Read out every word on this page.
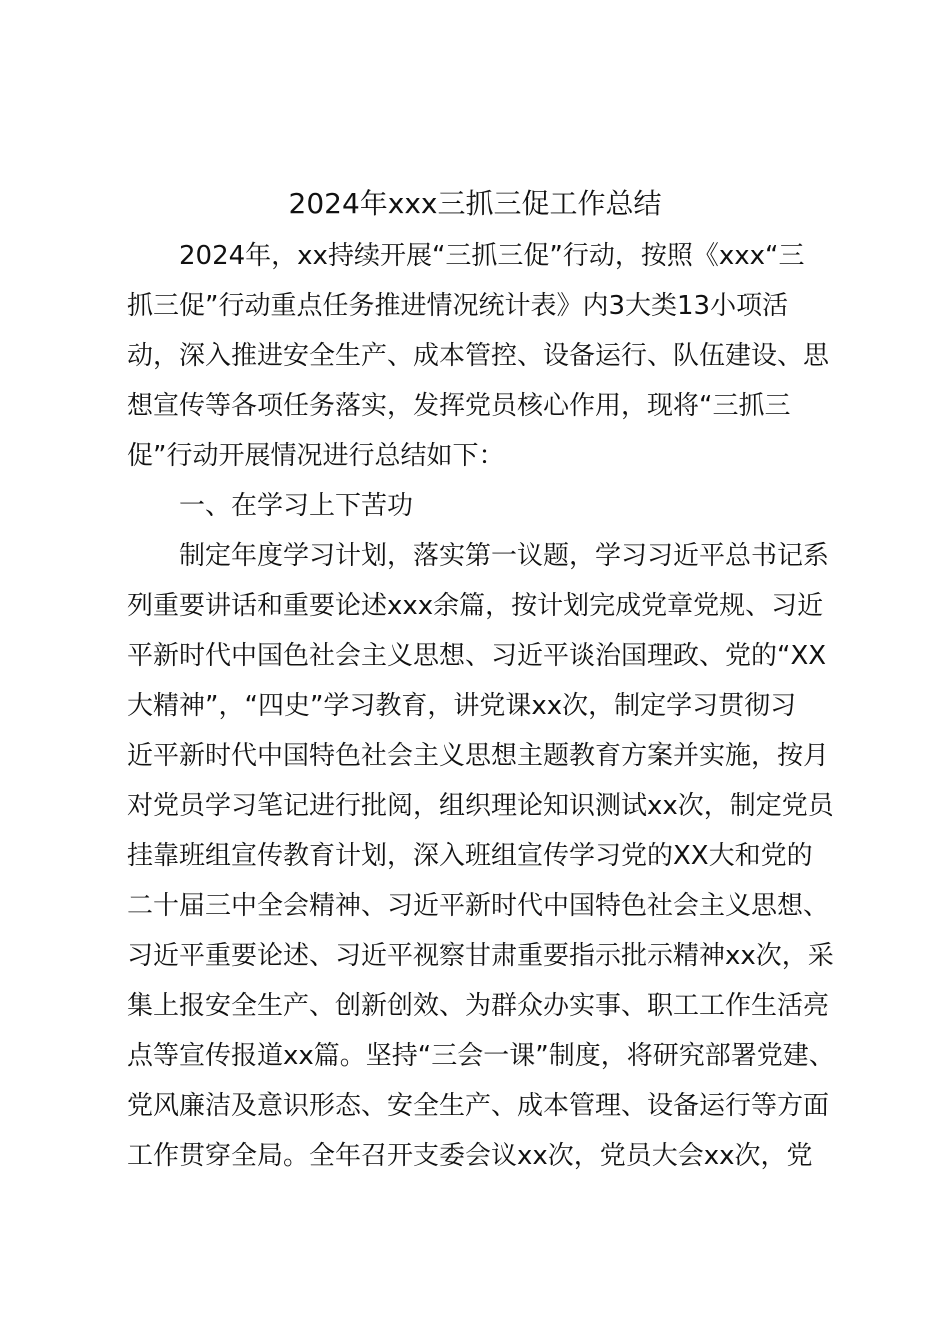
2024年xxx三抓三促工作总结
2024年，xx持续开展“三抓三促”行动，按照《xxx“三
抓三促”行动重点任务推进情况统计表》内3大类13小项活
动，深入推进安全生产、成本管控、设备运行、队伍建设、思
想宣传等各项任务落实，发挥党员核心作用，现将“三抓三
促”行动开展情况进行总结如下：
一、在学习上下苦功
制定年度学习计划，落实第一议题，学习习近平总书记系
列重要讲话和重要论述xxx余篇，按计划完成党章党规、习近
平新时代中国色社会主义思想、习近平谈治国理政、党的“XX
大精神”，“四史”学习教育，讲党课xx次，制定学习贯彻习
近平新时代中国特色社会主义思想主题教育方案并实施，按月
对党员学习笔记进行批阅，组织理论知识测试xx次，制定党员
挂靠班组宣传教育计划，深入班组宣传学习党的XX大和党的
二十届三中全会精神、习近平新时代中国特色社会主义思想、
习近平重要论述、习近平视察甘肃重要指示批示精神xx次，采
集上报安全生产、创新创效、为群众办实事、职工工作生活亮
点等宣传报道xx篇。坚持“三会一课”制度，将研究部署党建、
党风廉洁及意识形态、安全生产、成本管理、设备运行等方面
工作贯穿全局。全年召开支委会议xx次，党员大会xx次，党
